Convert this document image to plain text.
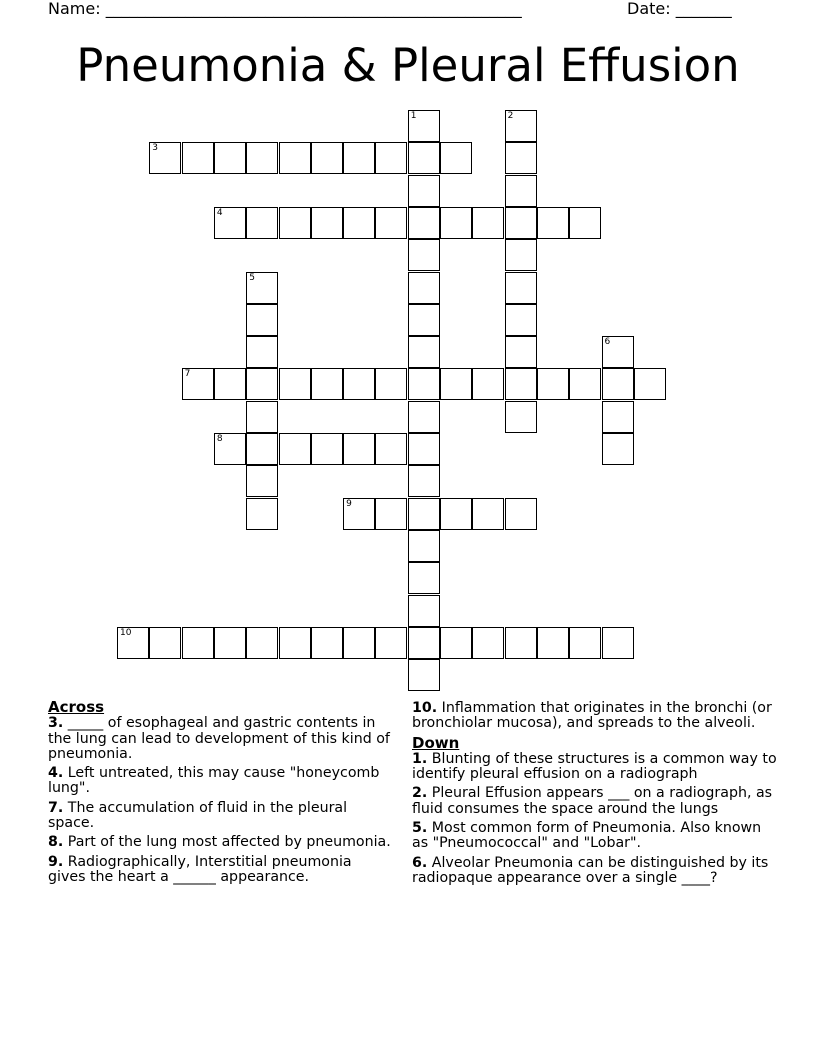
Name: ____________________________________________________	Date: _______
Pneumonia & Pleural Effusion
1	2
3
4
5
6
7
8
9
10
Across
3. _____ of esophageal and gastric contents in the lung can lead to development of this kind of pneumonia.
4. Left untreated, this may cause "honeycomb lung".
7. The accumulation of fluid in the pleural space.
8. Part of the lung most affected by pneumonia.
9. Radiographically, Interstitial pneumonia gives the heart a ______ appearance.
10. Inflammation that originates in the bronchi (or bronchiolar mucosa), and spreads to the alveoli.
Down
1. Blunting of these structures is a common way to identify pleural effusion on a radiograph
2. Pleural Effusion appears ___ on a radiograph, as fluid consumes the space around the lungs
5. Most common form of Pneumonia. Also known as "Pneumococcal" and "Lobar".
6. Alveolar Pneumonia can be distinguished by its radiopaque appearance over a single ____?
